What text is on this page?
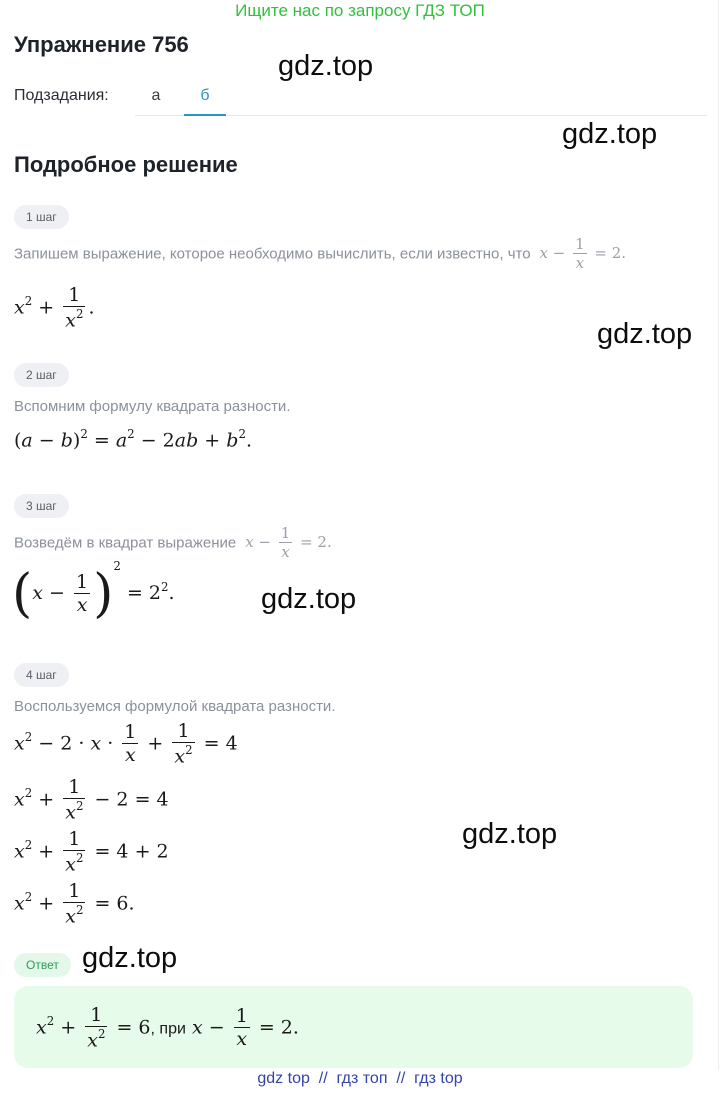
Ищите нас по запросу ГДЗ ТОП
Упражнение 756
Подзадания:	а	б
Подробное решение
1 шаг
Запишем выражение, которое необходимо вычислить, если известно, что  $x - \frac{1}{x} = 2$.
$x^2 + \frac{1}{x^2}$ .
2 шаг
Вспомним формулу квадрата разности.
$(a - b)^2 = a^2 - 2ab + b^2$.
3 шаг
Возведём в квадрат выражение  $x - \frac{1}{x} = 2$.
$(x - \frac{1}{x} )^2 = 2^2$.
4 шаг
Воспользуемся формулой квадрата разности.
$x^2 - 2 \cdot x \cdot \frac{1}{x} + \frac{1}{x^2} = 4$
$x^2 + \frac{1}{x^2} - 2 = 4$
$x^2 + \frac{1}{x^2} = 4 + 2$
$x^2 + \frac{1}{x^2} = 6$.
Ответ
$x^2 + \frac{1}{x^2} = 6$, при $x - \frac{1}{x} = 2$.
gdz.top
gdz.top
gdz.top
gdz.top
gdz.top
gdz.top
gdz top  //  гдз топ  //  гдз top
